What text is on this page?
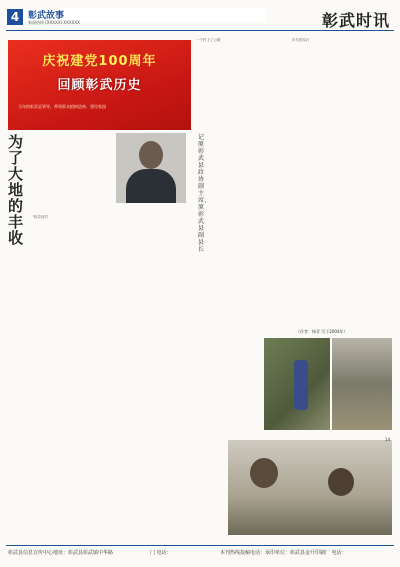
4 彰武故事
新闻热线 (XXXXX) XXXXXX	彰武时讯
庆祝建党100周年
回顾彰武历史
当年的彰武县领导，带领群众植树造林，建设家园
一个村上了公路	年代的实行
为了大地的丰收
记原彰武县政协副主席、原彰武县副县长
“哈拉沟村
（作者：杨青 写于2004年）
14
彰武县信息宣传中心地址：彰武县彰武镇中华路	门 电话：	本刊热线投稿电话：承印单位：彰武县金升印刷厂 电话：
